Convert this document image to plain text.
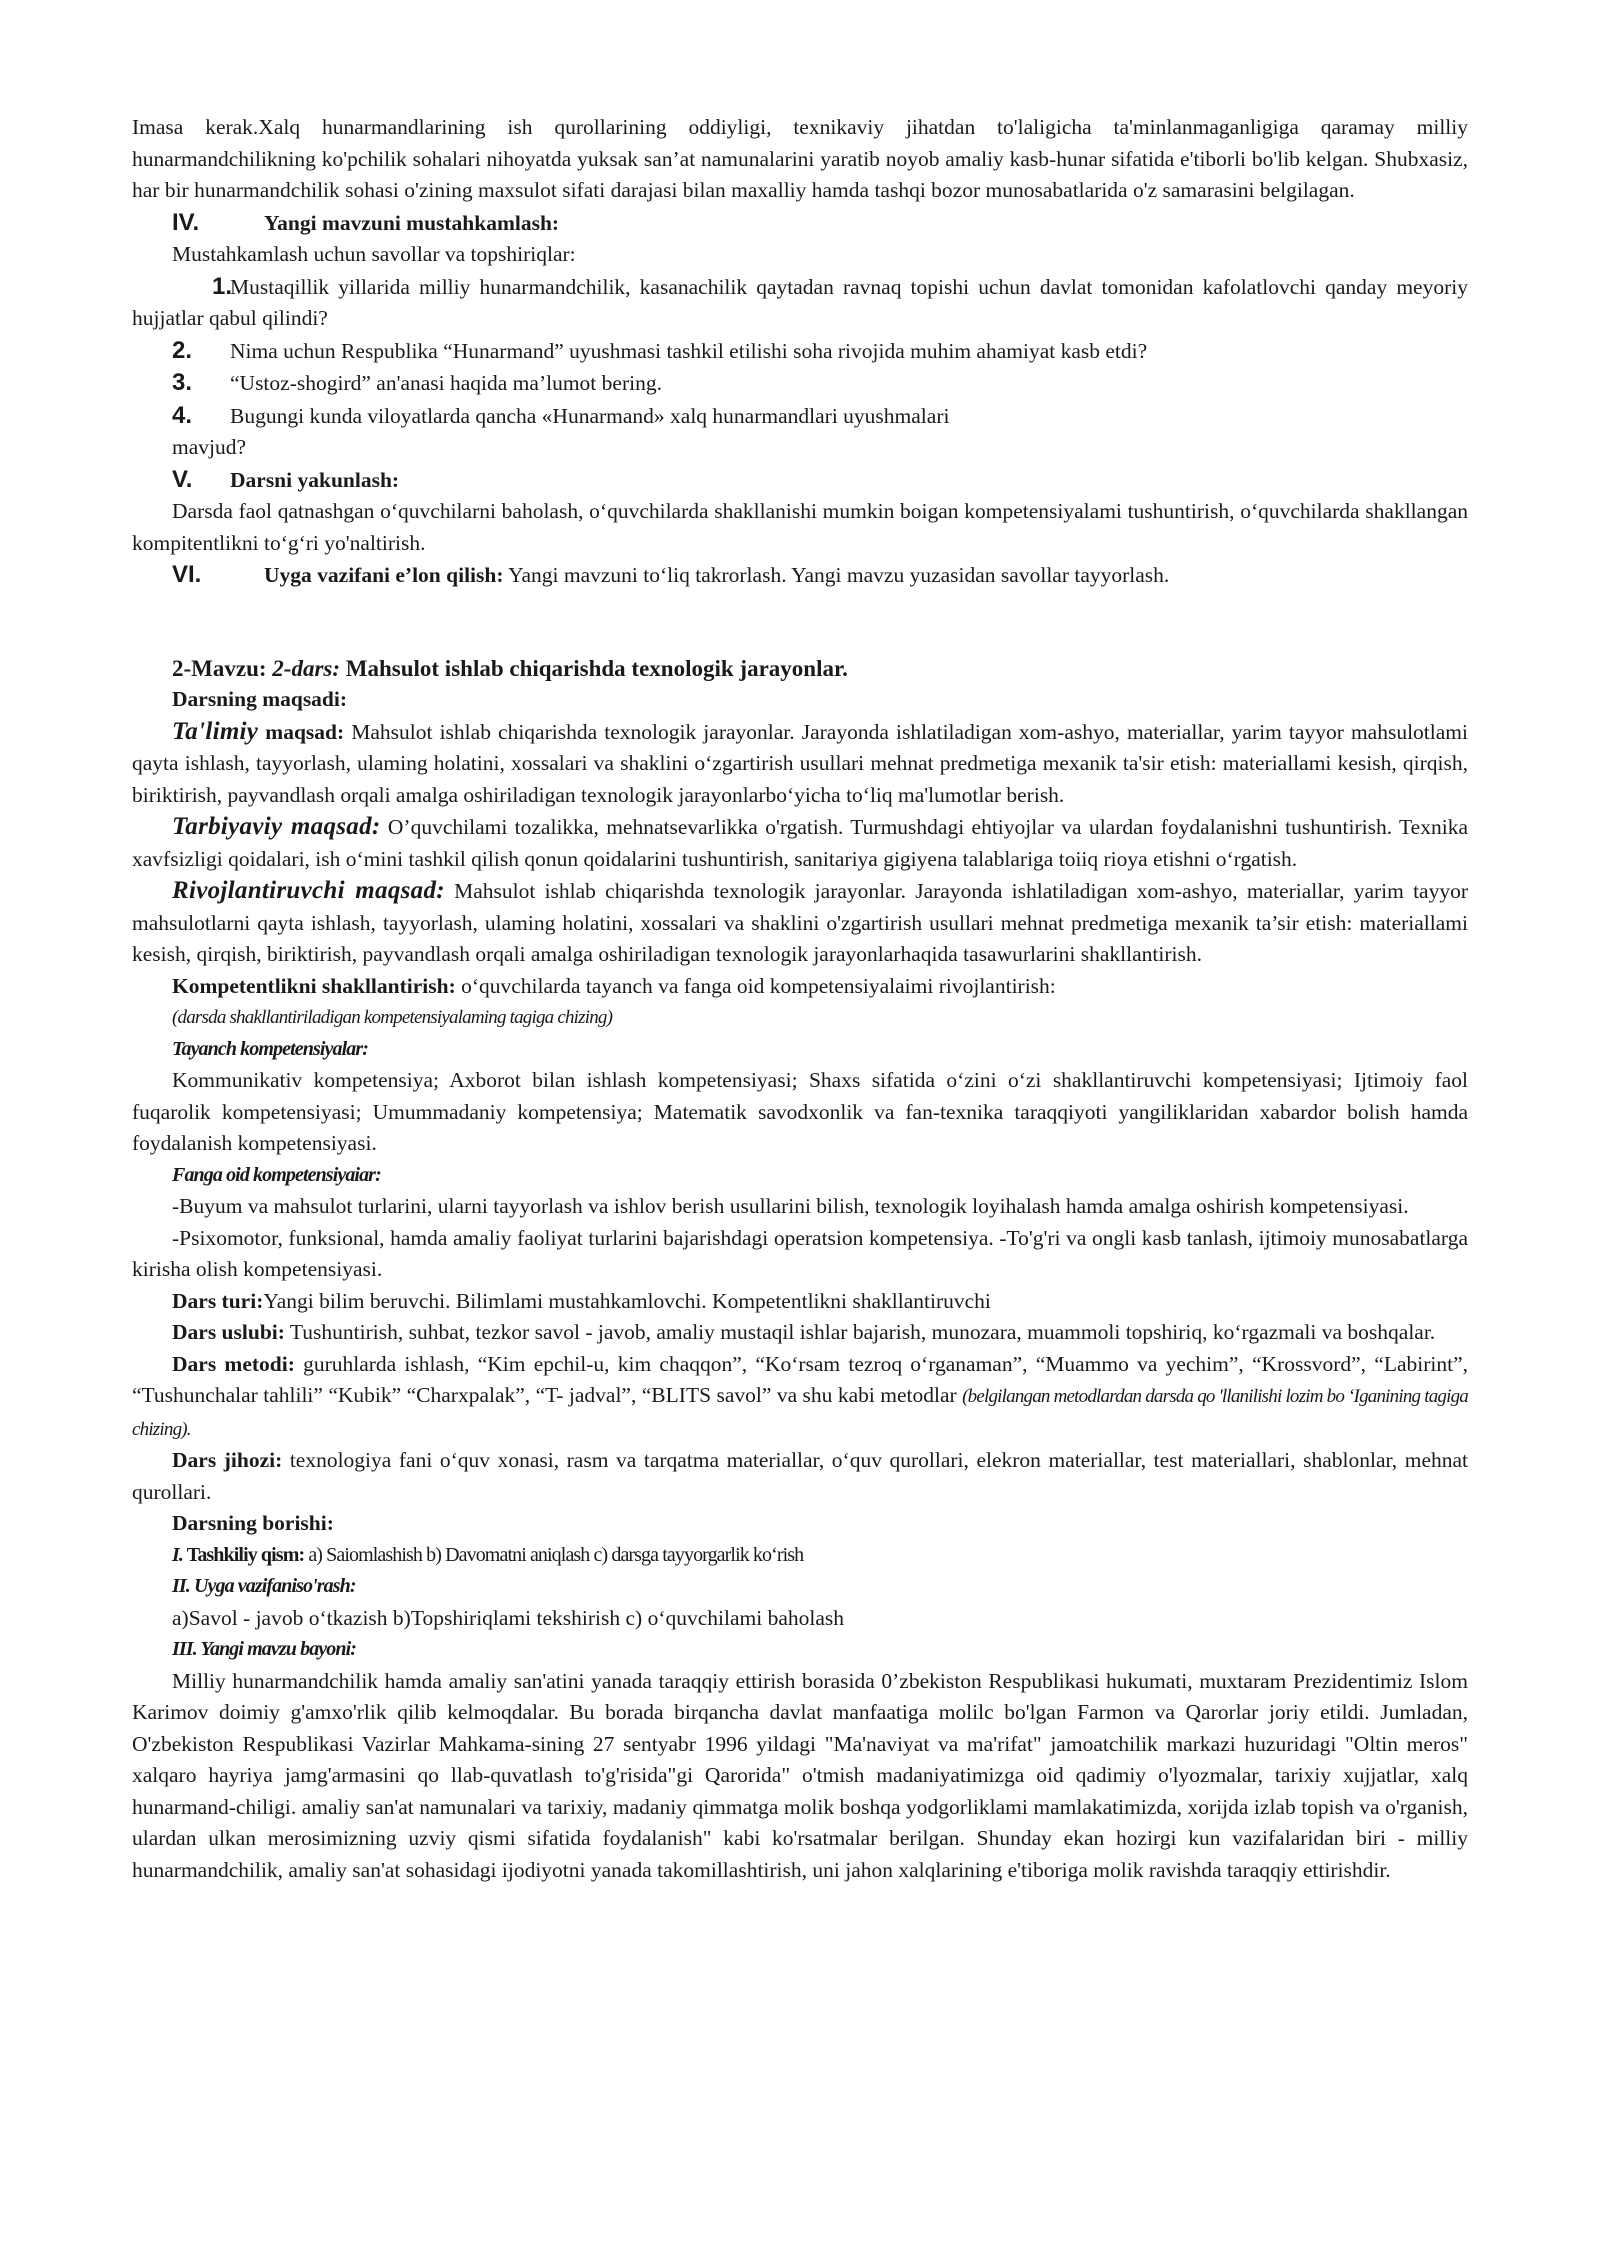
Imasa kerak.Xalq hunarmandlarining ish qurollarining oddiyligi, texnikaviy jihatdan to'laligicha ta'minlanmaganligiga qaramay milliy hunarmandchilikning ko'pchilik sohalari nihoyatda yuksak san’at namunalarini yaratib noyob amaliy kasb-hunar sifatida e'tiborli bo'lib kelgan. Shubxasiz, har bir hunarmandchilik sohasi o'zining maxsulot sifati darajasi bilan maxalliy hamda tashqi bozor munosabatlarida o'z samarasini belgilagan.

IV.	Yangi mavzuni mustahkamlash:

Mustahkamlash uchun savollar va topshiriqlar:

1.Mustaqillik yillarida milliy hunarmandchilik, kasanachilik qaytadan ravnaq topishi uchun davlat tomonidan kafolatlovchi qanday meyoriy hujjatlar qabul qilindi?

2. Nima uchun Respublika “Hunarmand” uyushmasi tashkil etilishi soha rivojida muhim ahamiyat kasb etdi?

3. “Ustoz-shogird” an'anasi haqida ma’lumot bering.

4. Bugungi kunda viloyatlarda qancha «Hunarmand» xalq hunarmandlari uyushmalari

mavjud?

V. Darsni yakunlash:

Darsda faol qatnashgan o‘quvchilarni baholash, o‘quvchilarda shakllanishi mumkin boigan kompetensiyalami tushuntirish, o‘quvchilarda shakllangan kompitentlikni to‘g‘ri yo'naltirish.

VI.	Uyga vazifani e’lon qilish: Yangi mavzuni to‘liq takrorlash. Yangi mavzu yuzasidan savollar tayyorlash.

2-Mavzu: 2-dars: Mahsulot ishlab chiqarishda texnologik jarayonlar.

Darsning maqsadi:

Ta'limiy maqsad: Mahsulot ishlab chiqarishda texnologik jarayonlar. Jarayonda ishlatiladigan xom-ashyo, materiallar, yarim tayyor mahsulotlami qayta ishlash, tayyorlash, ulaming holatini, xossalari va shaklini o‘zgartirish usullari mehnat predmetiga mexanik ta'sir etish: materiallami kesish, qirqish, biriktirish, payvandlash orqali amalga oshiriladigan texnologik jarayonlarbo‘yicha to‘liq ma'lumotlar berish.

Tarbiyaviy maqsad: O’quvchilami tozalikka, mehnatsevarlikka o'rgatish. Turmushdagi ehtiyojlar va ulardan foydalanishni tushuntirish. Texnika xavfsizligi qoidalari, ish o‘mini tashkil qilish qonun qoidalarini tushuntirish, sanitariya gigiyena talablariga toiiq rioya etishni o‘rgatish.

Rivojlantiruvchi maqsad: Mahsulot ishlab chiqarishda texnologik jarayonlar. Jarayonda ishlatiladigan xom-ashyo, materiallar, yarim tayyor mahsulotlarni qayta ishlash, tayyorlash, ulaming holatini, xossalari va shaklini o'zgartirish usullari mehnat predmetiga mexanik ta’sir etish: materiallami kesish, qirqish, biriktirish, payvandlash orqali amalga oshiriladigan texnologik jarayonlarhaqida tasawurlarini shakllantirish.

Kompetentlikni shakllantirish: o‘quvchilarda tayanch va fanga oid kompetensiyalaimi rivojlantirish:

(darsda shakllantiriladigan kompetensiyalaming tagiga chizing)

Tayanch kompetensiyalar:

Kommunikativ kompetensiya; Axborot bilan ishlash kompetensiyasi; Shaxs sifatida o‘zini o‘zi shakllantiruvchi kompetensiyasi; Ijtimoiy faol fuqarolik kompetensiyasi; Umummadaniy kompetensiya; Matematik savodxonlik va fan-texnika taraqqiyoti yangiliklaridan xabardor bolish hamda foydalanish kompetensiyasi.

Fanga oid kompetensiyaiar:

-Buyum va mahsulot turlarini, ularni tayyorlash va ishlov berish usullarini bilish, texnologik loyihalash hamda amalga oshirish kompetensiyasi.

-Psixomotor, funksional, hamda amaliy faoliyat turlarini bajarishdagi operatsion kompetensiya. -To'g'ri va ongli kasb tanlash, ijtimoiy munosabatlarga kirisha olish kompetensiyasi.

Dars turi:Yangi bilim beruvchi. Bilimlami mustahkamlovchi. Kompetentlikni shakllantiruvchi

Dars uslubi: Tushuntirish, suhbat, tezkor savol - javob, amaliy mustaqil ishlar bajarish, munozara, muammoli topshiriq, ko‘rgazmali va boshqalar.

Dars metodi: guruhlarda ishlash, “Kim epchil-u, kim chaqqon”, “Ko‘rsam tezroq o‘rganaman”, “Muammo va yechim”, “Krossvord”, “Labirint”, “Tushunchalar tahlili” “Kubik” “Charxpalak”, “T- jadval”, “BLITS savol” va shu kabi metodlar (belgilangan metodlardan darsda qo 'llanilishi lozim bo ‘Iganining tagiga chizing).

Dars jihozi: texnologiya fani o‘quv xonasi, rasm va tarqatma materiallar, o‘quv qurollari, elekron materiallar, test materiallari, shablonlar, mehnat qurollari.

Darsning borishi:

I. Tashkiliy qism: a) Saiomlashish b) Davomatni aniqlash c) darsga tayyorgarlik ko‘rish

II. Uyga vazifaniso'rash:

a)Savol - javob o‘tkazish b)Topshiriqlami tekshirish c) o‘quvchilami baholash

III. Yangi mavzu bayoni:

Milliy hunarmandchilik hamda amaliy san'atini yanada taraqqiy ettirish borasida 0’zbekiston Respublikasi hukumati, muxtaram Prezidentimiz Islom Karimov doimiy g'amxo'rlik qilib kelmoqdalar. Bu borada birqancha davlat manfaatiga molilc bo'lgan Farmon va Qarorlar joriy etildi. Jumladan, O'zbekiston Respublikasi Vazirlar Mahkama-sining 27 sentyabr 1996 yildagi "Ma'naviyat va ma'rifat" jamoatchilik markazi huzuridagi "Oltin meros" xalqaro hayriya jamg'armasini qo llab-quvatlash to'g'risida"gi Qarorida" o'tmish madaniyatimizga oid qadimiy o'lyozmalar, tarixiy xujjatlar, xalq hunarmand-chiligi. amaliy san'at namunalari va tarixiy, madaniy qimmatga molik boshqa yodgorliklami mamlakatimizda, xorijda izlab topish va o'rganish, ulardan ulkan merosimizning uzviy qismi sifatida foydalanish" kabi ko'rsatmalar berilgan. Shunday ekan hozirgi kun vazifalaridan biri - milliy hunarmandchilik, amaliy san'at sohasidagi ijodiyotni yanada takomillashtirish, uni jahon xalqlarining e'tiboriga molik ravishda taraqqiy ettirishdir.
